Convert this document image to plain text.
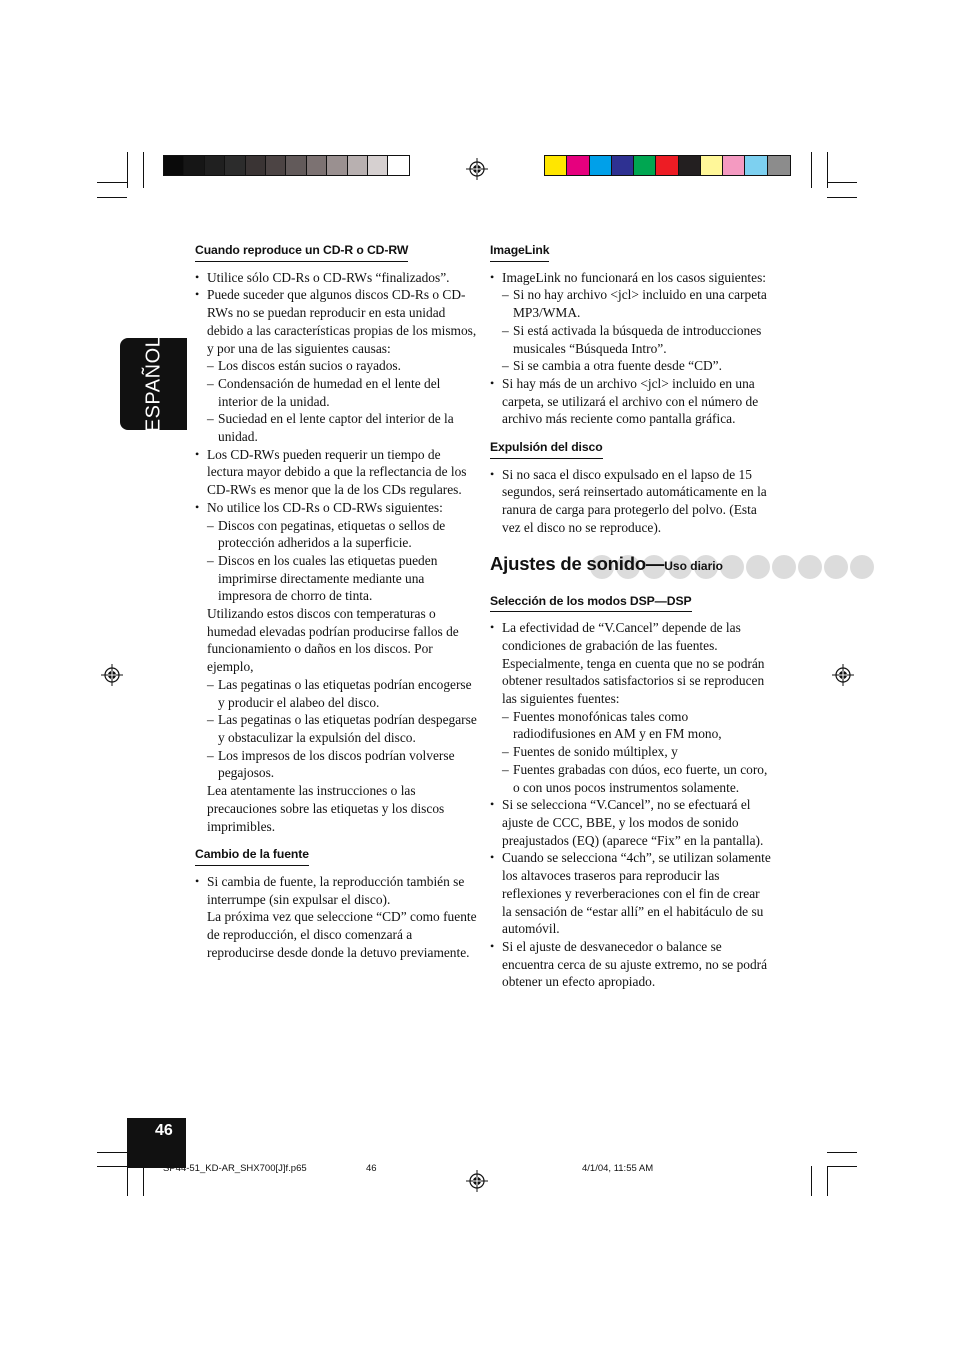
ESPAÑOL
Cuando reproduce un CD-R o CD-RW
• Utilice sólo CD-Rs o CD-RWs “finalizados”.
• Puede suceder que algunos discos CD-Rs o CD-RWs no se puedan reproducir en esta unidad debido a las características propias de los mismos, y por una de las siguientes causas:
– Los discos están sucios o rayados.
– Condensación de humedad en el lente del interior de la unidad.
– Suciedad en el lente captor del interior de la unidad.
• Los CD-RWs pueden requerir un tiempo de lectura mayor debido a que la reflectancia de los CD-RWs es menor que la de los CDs regulares.
• No utilice los CD-Rs o CD-RWs siguientes:
– Discos con pegatinas, etiquetas o sellos de protección adheridos a la superficie.
– Discos en los cuales las etiquetas pueden imprimirse directamente mediante una impresora de chorro de tinta.
Utilizando estos discos con temperaturas o humedad elevadas podrían producirse fallos de funcionamiento o daños en los discos. Por ejemplo,
– Las pegatinas o las etiquetas podrían encogerse y producir el alabeo del disco.
– Las pegatinas o las etiquetas podrían despegarse y obstaculizar la expulsión del disco.
– Los impresos de los discos podrían volverse pegajosos.
Lea atentamente las instrucciones o las precauciones sobre las etiquetas y los discos imprimibles.
Cambio de la fuente
• Si cambia de fuente, la reproducción también se interrumpe (sin expulsar el disco).
La próxima vez que seleccione “CD” como fuente de reproducción, el disco comenzará a reproducirse desde donde la detuvo previamente.
ImageLink
• ImageLink no funcionará en los casos siguientes:
– Si no hay archivo <jcl> incluido en una carpeta MP3/WMA.
– Si está activada la búsqueda de introducciones musicales “Búsqueda Intro”.
– Si se cambia a otra fuente desde “CD”.
• Si hay más de un archivo <jcl> incluido en una carpeta, se utilizará el archivo con el número de archivo más reciente como pantalla gráfica.
Expulsión del disco
• Si no saca el disco expulsado en el lapso de 15 segundos, será reinsertado automáticamente en la ranura de carga para protegerlo del polvo. (Esta vez el disco no se reproduce).
Ajustes de sonido—Uso diario
Selección de los modos DSP—DSP
• La efectividad de “V.Cancel” depende de las condiciones de grabación de las fuentes. Especialmente, tenga en cuenta que no se podrán obtener resultados satisfactorios si se reproducen las siguientes fuentes:
– Fuentes monofónicas tales como radiodifusiones en AM y en FM mono,
– Fuentes de sonido múltiplex, y
– Fuentes grabadas con dúos, eco fuerte, un coro, o con unos pocos instrumentos solamente.
• Si se selecciona “V.Cancel”, no se efectuará el ajuste de CCC, BBE, y los modos de sonido preajustados (EQ) (aparece “Fix” en la pantalla).
• Cuando se selecciona “4ch”, se utilizan solamente los altavoces traseros para reproducir las reflexiones y reverberaciones con el fin de crear la sensación de “estar allí” en el habitáculo de su automóvil.
• Si el ajuste de desvanecedor o balance se encuentra cerca de su ajuste extremo, no se podrá obtener un efecto apropiado.
46
SP44-51_KD-AR_SHX700[J]f.p65	46	4/1/04, 11:55 AM
